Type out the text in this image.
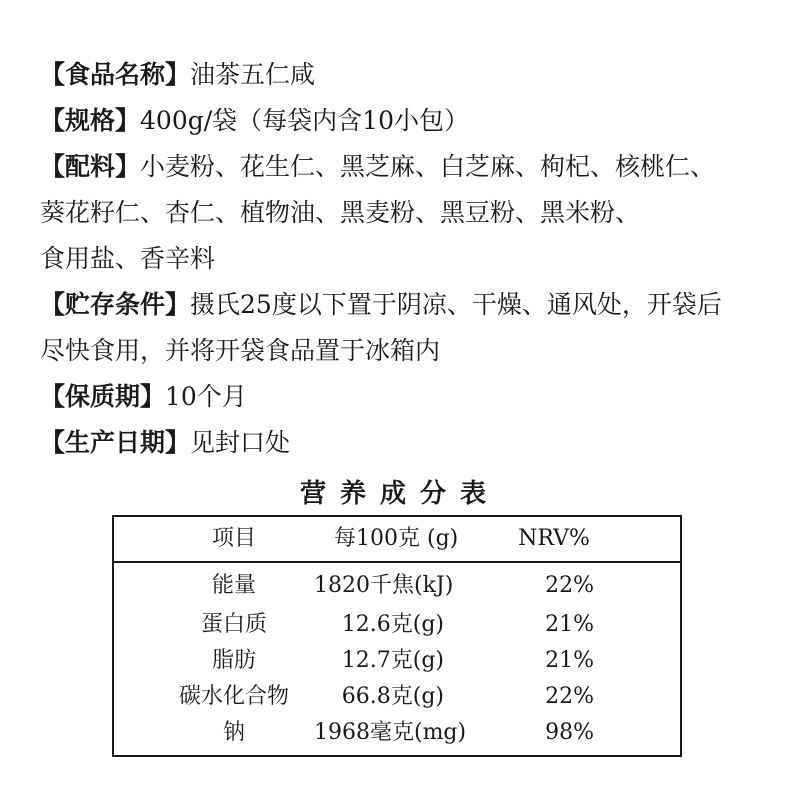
【食品名称】油茶五仁咸
【规格】400g/袋（每袋内含10小包）
【配料】小麦粉、花生仁、黑芝麻、白芝麻、枸杞、核桃仁、
葵花籽仁、杏仁、植物油、黑麦粉、黑豆粉、黑米粉、
食用盐、香辛料
【贮存条件】摄氏25度以下置于阴凉、干燥、通风处，开袋后
尽快食用，并将开袋食品置于冰箱内
【保质期】10个月
【生产日期】见封口处
营养成分表
项目	每100克 (g)	NRV%
能量	1820千焦(kJ)	22%
蛋白质	12.6克(g)	21%
脂肪	12.7克(g)	21%
碳水化合物	66.8克(g)	22%
钠	1968毫克(mg)	98%
